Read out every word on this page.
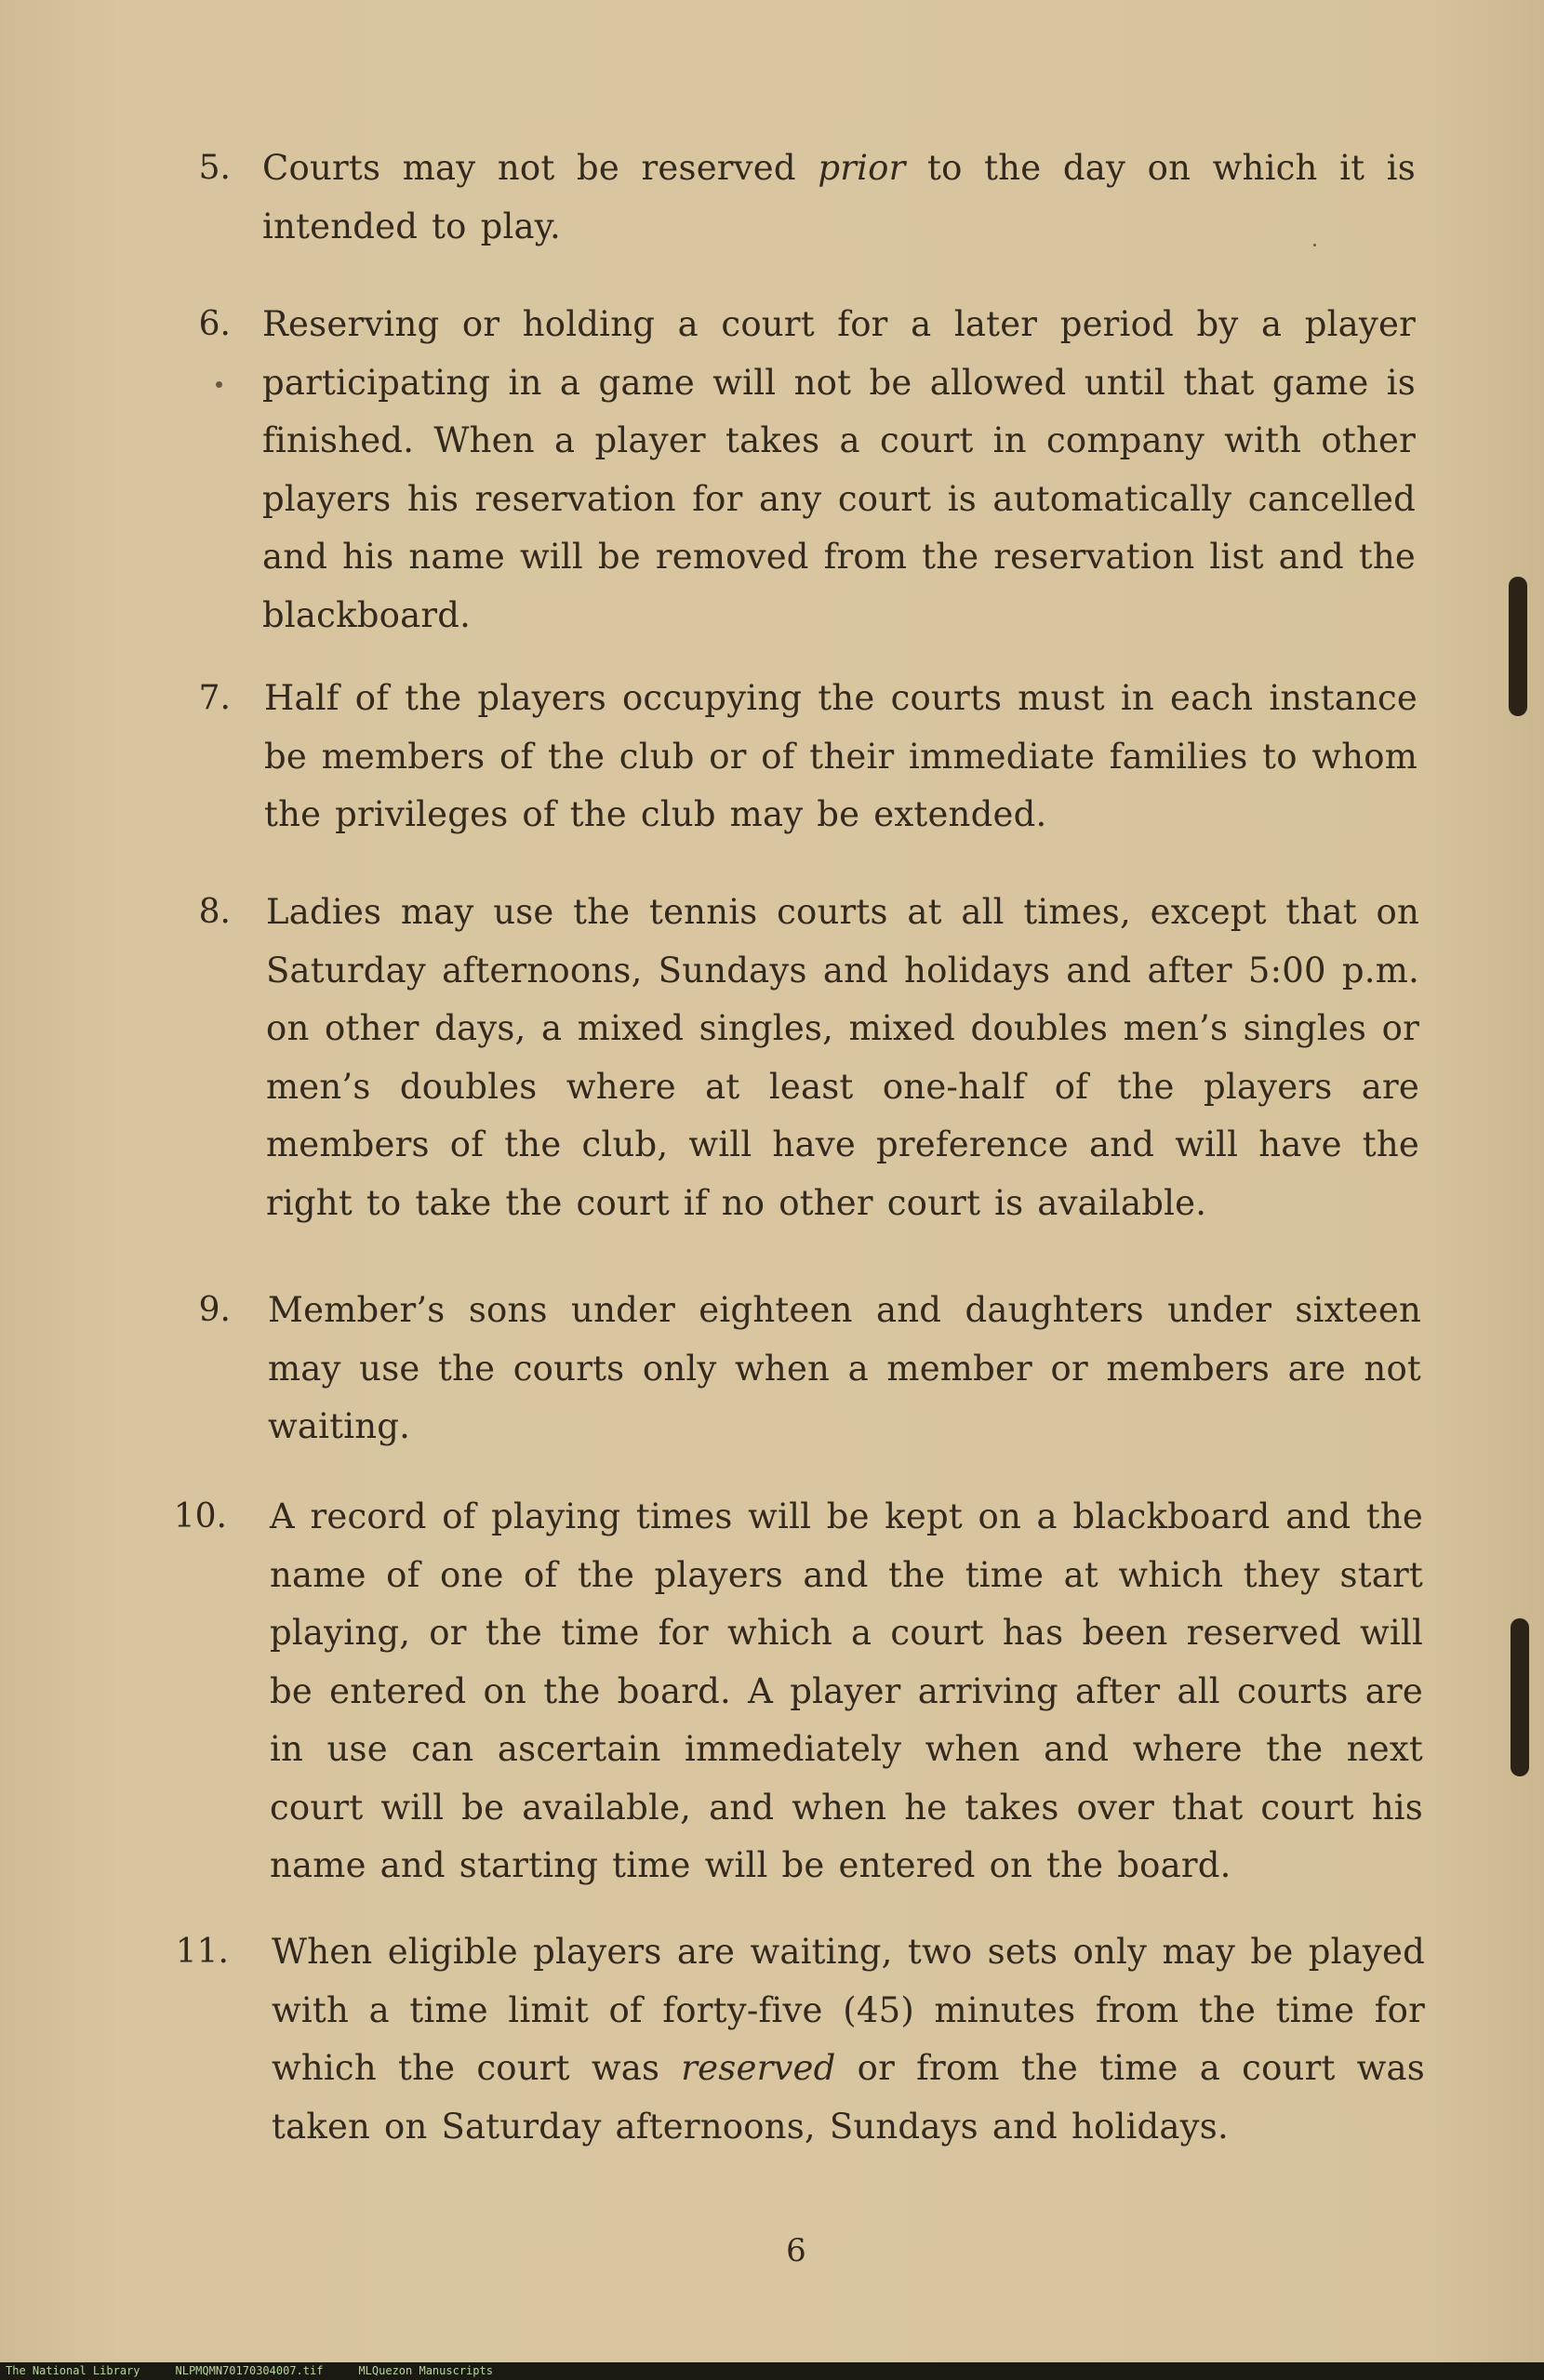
5. Courts may not be reserved prior to the day on which it is intended to play.
6. Reserving or holding a court for a later period by a player participating in a game will not be allowed until that game is finished. When a player takes a court in company with other players his reservation for any court is automatically cancelled and his name will be removed from the reservation list and the blackboard.
7. Half of the players occupying the courts must in each instance be members of the club or of their immediate families to whom the privileges of the club may be extended.
8. Ladies may use the tennis courts at all times, except that on Saturday afternoons, Sundays and holidays and after 5:00 p.m. on other days, a mixed singles, mixed doubles men’s singles or men’s doubles where at least one-half of the players are members of the club, will have preference and will have the right to take the court if no other court is available.
9. Member’s sons under eighteen and daughters under sixteen may use the courts only when a member or members are not waiting.
10. A record of playing times will be kept on a blackboard and the name of one of the players and the time at which they start playing, or the time for which a court has been reserved will be entered on the board. A player arriving after all courts are in use can ascertain immediately when and where the next court will be available, and when he takes over that court his name and starting time will be entered on the board.
11. When eligible players are waiting, two sets only may be played with a time limit of forty-five (45) minutes from the time for which the court was reserved or from the time a court was taken on Saturday afternoons, Sundays and holidays.
6
The National Library	NLPMQMN70170304007.tif	MLQuezon Manuscripts
